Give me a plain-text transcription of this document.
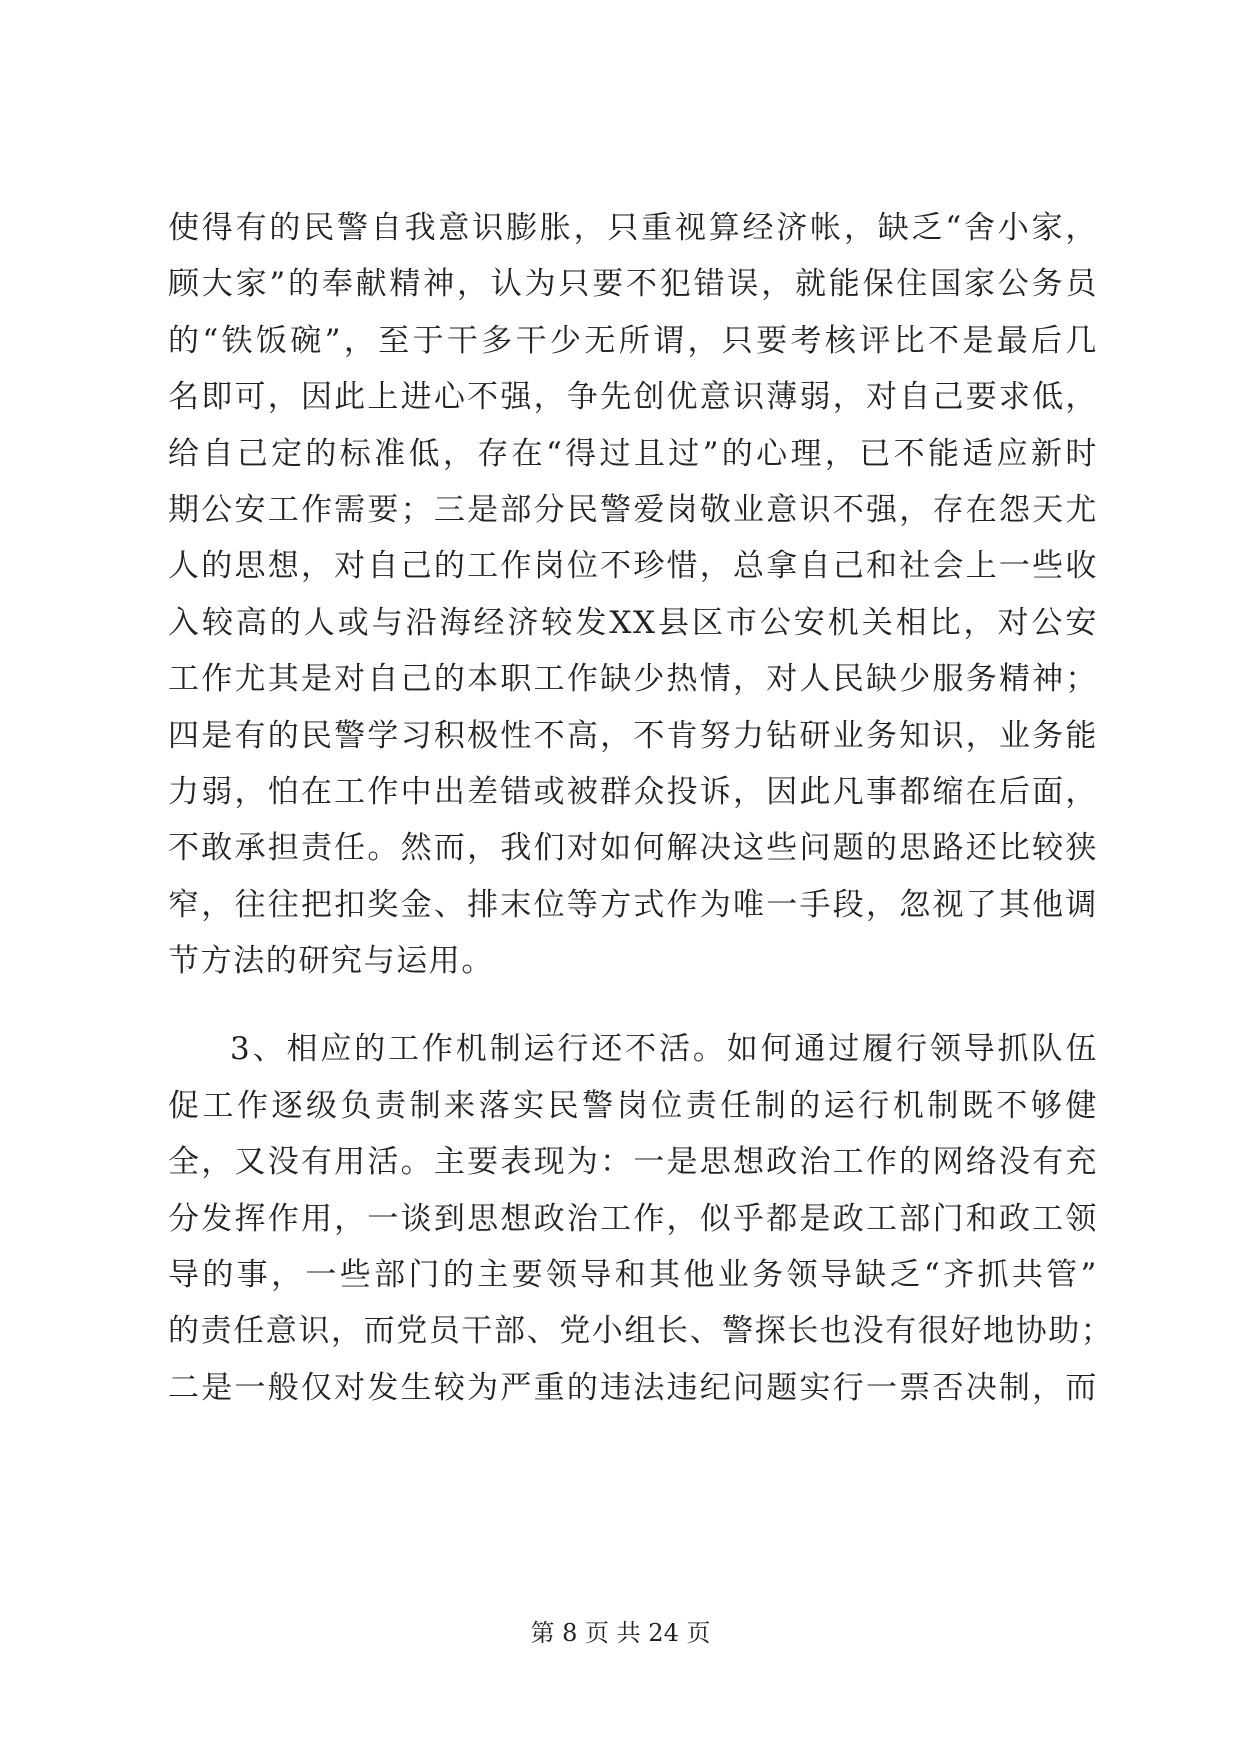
使得有的民警自我意识膨胀，只重视算经济帐，缺乏“舍小家，
顾大家”的奉献精神，认为只要不犯错误，就能保住国家公务员
的“铁饭碗”，至于干多干少无所谓，只要考核评比不是最后几
名即可，因此上进心不强，争先创优意识薄弱，对自己要求低，
给自己定的标准低，存在“得过且过”的心理，已不能适应新时
期公安工作需要；三是部分民警爱岗敬业意识不强，存在怨天尤
人的思想，对自己的工作岗位不珍惜，总拿自己和社会上一些收
入较高的人或与沿海经济较发XX县区市公安机关相比，对公安
工作尤其是对自己的本职工作缺少热情，对人民缺少服务精神；
四是有的民警学习积极性不高，不肯努力钻研业务知识，业务能
力弱，怕在工作中出差错或被群众投诉，因此凡事都缩在后面，
不敢承担责任。然而，我们对如何解决这些问题的思路还比较狭
窄，往往把扣奖金、排末位等方式作为唯一手段，忽视了其他调
节方法的研究与运用。
3、相应的工作机制运行还不活。如何通过履行领导抓队伍
促工作逐级负责制来落实民警岗位责任制的运行机制既不够健
全，又没有用活。主要表现为：一是思想政治工作的网络没有充
分发挥作用，一谈到思想政治工作，似乎都是政工部门和政工领
导的事，一些部门的主要领导和其他业务领导缺乏“齐抓共管”
的责任意识，而党员干部、党小组长、警探长也没有很好地协助；
二是一般仅对发生较为严重的违法违纪问题实行一票否决制，而
第 8 页 共 24 页
